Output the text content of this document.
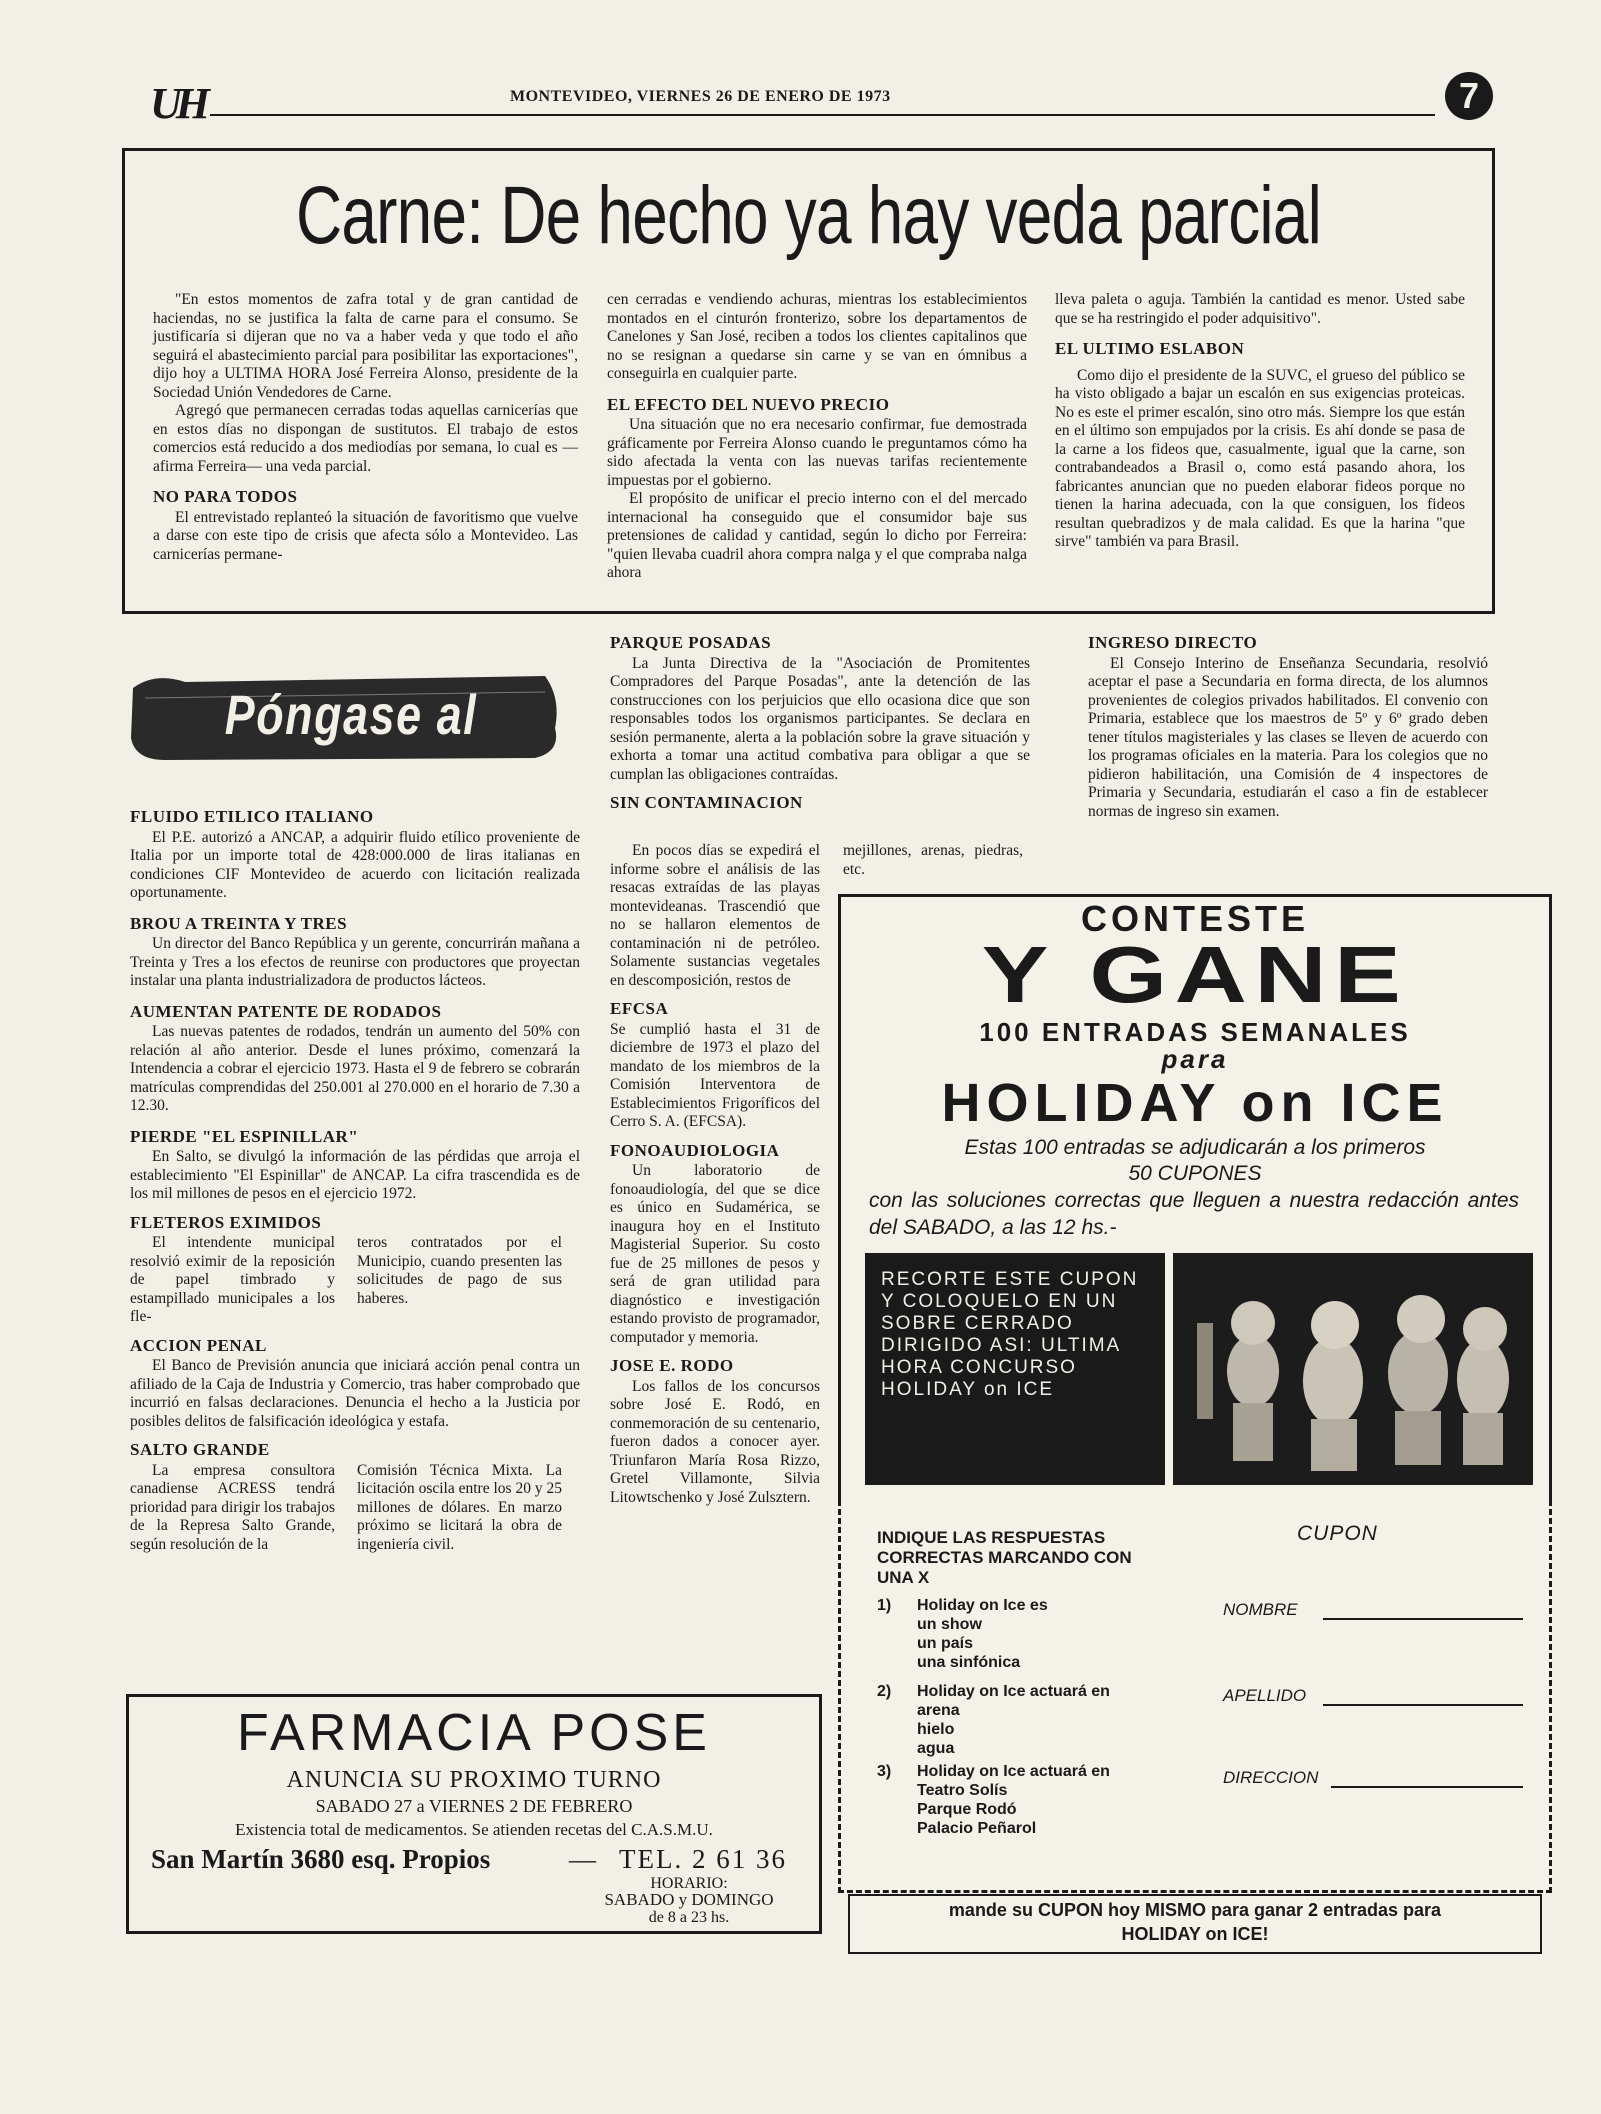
UH	MONTEVIDEO, VIERNES 26 DE ENERO DE 1973	7
Carne: De hecho ya hay veda parcial

"En estos momentos de zafra total y de gran cantidad de haciendas, no se justifica la falta de carne para el consumo. Se justificaría si dijeran que no va a haber veda y que todo el año seguirá el abastecimiento parcial para posibilitar las exportaciones", dijo hoy a ULTIMA HORA José Ferreira Alonso, presidente de la Sociedad Unión Vendedores de Carne.

Agregó que permanecen cerradas todas aquellas carnicerías que en estos días no dispongan de sustitutos. El trabajo de estos comercios está reducido a dos mediodías por semana, lo cual es —afirma Ferreira— una veda parcial.

NO PARA TODOS

El entrevistado replanteó la situación de favoritismo que vuelve a darse con este tipo de crisis que afecta sólo a Montevideo. Las carnicerías permane-

cen cerradas e vendiendo achuras, mientras los establecimientos montados en el cinturón fronterizo, sobre los departamentos de Canelones y San José, reciben a todos los clientes capitalinos que no se resignan a quedarse sin carne y se van en ómnibus a conseguirla en cualquier parte.

EL EFECTO DEL NUEVO PRECIO

Una situación que no era necesario confirmar, fue demostrada gráficamente por Ferreira Alonso cuando le preguntamos cómo ha sido afectada la venta con las nuevas tarifas recientemente impuestas por el gobierno.

El propósito de unificar el precio interno con el del mercado internacional ha conseguido que el consumidor baje sus pretensiones de calidad y cantidad, según lo dicho por Ferreira: "quien llevaba cuadril ahora compra nalga y el que compraba nalga ahora

lleva paleta o aguja. También la cantidad es menor. Usted sabe que se ha restringido el poder adquisitivo".

EL ULTIMO ESLABON

Como dijo el presidente de la SUVC, el grueso del público se ha visto obligado a bajar un escalón en sus exigencias proteicas. No es este el primer escalón, sino otro más. Siempre los que están en el último son empujados por la crisis. Es ahí donde se pasa de la carne a los fideos que, casualmente, igual que la carne, son contrabandeados a Brasil o, como está pasando ahora, los fabricantes anuncian que no pueden elaborar fideos porque no tienen la harina adecuada, con la que consiguen, los fideos resultan quebradizos y de mala calidad. Es que la harina "que sirve" también va para Brasil.

Póngase al Día
FLUIDO ETILICO ITALIANO

El P.E. autorizó a ANCAP, a adquirir fluido etílico proveniente de Italia por un importe total de 428:000.000 de liras italianas en condiciones CIF Montevideo de acuerdo con licitación realizada oportunamente.

BROU A TREINTA Y TRES

Un director del Banco República y un gerente, concurrirán mañana a Treinta y Tres a los efectos de reunirse con productores que proyectan instalar una planta industrializadora de productos lácteos.

AUMENTAN PATENTE DE RODADOS

Las nuevas patentes de rodados, tendrán un aumento del 50% con relación al año anterior. Desde el lunes próximo, comenzará la Intendencia a cobrar el ejercicio 1973. Hasta el 9 de febrero se cobrarán matrículas comprendidas del 250.001 al 270.000 en el horario de 7.30 a 12.30.

PIERDE "EL ESPINILLAR"

En Salto, se divulgó la información de las pérdidas que arroja el establecimiento "El Espinillar" de ANCAP. La cifra trascendida es de los mil millones de pesos en el ejercicio 1972.

FLETEROS EXIMIDOS

El intendente municipal resolvió eximir de la reposición de papel timbrado y estampillado municipales a los fle-

teros contratados por el Municipio, cuando presenten las solicitudes de pago de sus haberes.

ACCION PENAL

El Banco de Previsión anuncia que iniciará acción penal contra un afiliado de la Caja de Industria y Comercio, tras haber comprobado que incurrió en falsas declaraciones. Denuncia el hecho a la Justicia por posibles delitos de falsificación ideológica y estafa.

SALTO GRANDE

La empresa consultora canadiense ACRESS tendrá prioridad para dirigir los trabajos de la Represa Salto Grande, según resolución de la

Comisión Técnica Mixta. La licitación oscila entre los 20 y 25 millones de dólares. En marzo próximo se licitará la obra de ingeniería civil.

PARQUE POSADAS

La Junta Directiva de la "Asociación de Promitentes Compradores del Parque Posadas", ante la detención de las construcciones con los perjuicios que ello ocasiona dice que son responsables todos los organismos participantes. Se declara en sesión permanente, alerta a la población sobre la grave situación y exhorta a tomar una actitud combativa para obligar a que se cumplan las obligaciones contraídas.

SIN CONTAMINACION

En pocos días se expedirá el informe sobre el análisis de las resacas extraídas de las playas montevideanas. Trascendió que no se hallaron elementos de contaminación ni de petróleo. Solamente sustancias vegetales en descomposición, restos de

EFCSA

Se cumplió hasta el 31 de diciembre de 1973 el plazo del mandato de los miembros de la Comisión Interventora de Establecimientos Frigoríficos del Cerro S. A. (EFCSA).

FONOAUDIOLOGIA

Un laboratorio de fonoaudiología, del que se dice es único en Sudamérica, se inaugura hoy en el Instituto Magisterial Superior. Su costo fue de 25 millones de pesos y será de gran utilidad para diagnóstico e investigación estando provisto de programador, computador y memoria.

JOSE E. RODO

Los fallos de los concursos sobre José E. Rodó, en conmemoración de su centenario, fueron dados a conocer ayer. Triunfaron María Rosa Rizzo, Gretel Villamonte, Silvia Litowtschenko y José Zulsztern.

mejillones, arenas, piedras, etc.

INGRESO DIRECTO

El Consejo Interino de Enseñanza Secundaria, resolvió aceptar el pase a Secundaria en forma directa, de los alumnos provenientes de colegios privados habilitados. El convenio con Primaria, establece que los maestros de 5º y 6º grado deben tener títulos magisteriales y las clases se lleven de acuerdo con los programas oficiales en la materia. Para los colegios que no pidieron habilitación, una Comisión de 4 inspectores de Primaria y Secundaria, estudiarán el caso a fin de establecer normas de ingreso sin examen.

CONTESTE
Y GANE
100 ENTRADAS SEMANALES
para
HOLIDAY on ICE
Estas 100 entradas se adjudicarán a los primeros
50 CUPONES
con las soluciones correctas que lleguen a nuestra redacción antes del SABADO, a las 12 hs.-
RECORTE ESTE CUPON Y COLOQUELO EN UN SOBRE CERRADO DIRIGIDO ASI: ULTIMA HORA CONCURSO HOLIDAY on ICE
INDIQUE LAS RESPUESTAS CORRECTAS MARCANDO CON UNA X
CUPON
1) Holiday on Ice es
un show
un país
una sinfónica
2) Holiday on Ice actuará en
arena
hielo
agua
3) Holiday on Ice actuará en
Teatro Solís
Parque Rodó
Palacio Peñarol
NOMBRE
APELLIDO
DIRECCION
mande su CUPON hoy MISMO para ganar 2 entradas para
HOLIDAY on ICE!
FARMACIA POSE
ANUNCIA SU PROXIMO TURNO
SABADO 27 a VIERNES 2 DE FEBRERO
Existencia total de medicamentos. Se atienden recetas del C.A.S.M.U.
San Martín 3680 esq. Propios	— TEL. 2 61 36
HORARIO:
SABADO y DOMINGO
de 8 a 23 hs.
